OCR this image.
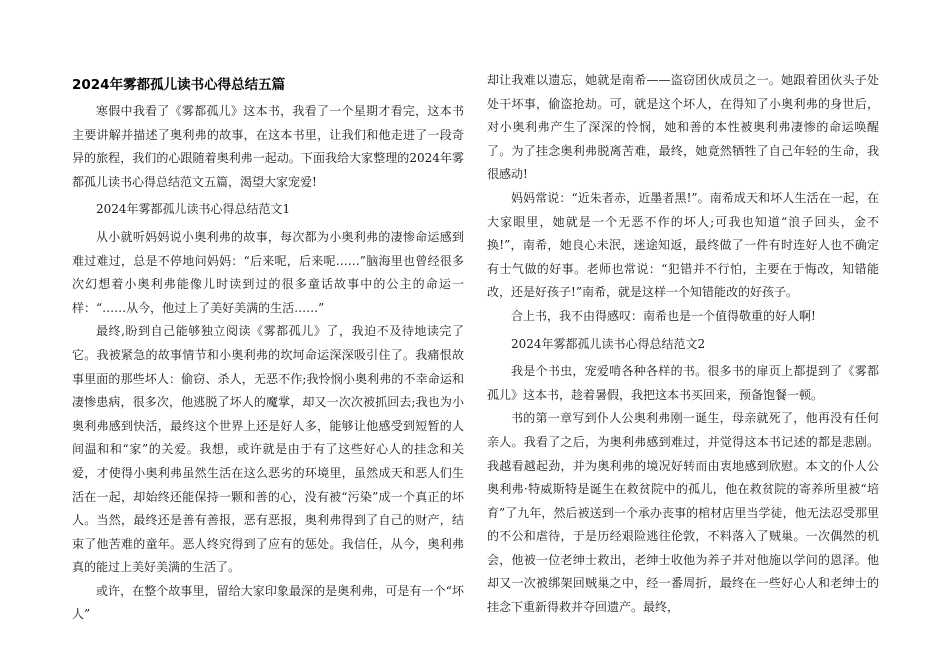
2024年雾都孤儿读书心得总结五篇

寒假中我看了《雾都孤儿》这本书，我看了一个星期才看完，这本书主要讲解并描述了奥利弗的故事，在这本书里，让我们和他走进了一段奇异的旅程，我们的心跟随着奥利弗一起动。下面我给大家整理的2024年雾都孤儿读书心得总结范文五篇，渴望大家宠爱!

2024年雾都孤儿读书心得总结范文1

从小就听妈妈说小奥利弗的故事，每次都为小奥利弗的凄惨命运感到难过难过，总是不停地问妈妈：“后来呢，后来呢……”脑海里也曾经很多次幻想着小奥利弗能像儿时读到过的很多童话故事中的公主的命运一样：“……从今，他过上了美好美满的生活……”

最终,盼到自己能够独立阅读《雾都孤儿》了，我迫不及待地读完了它。我被紧急的故事情节和小奥利弗的坎坷命运深深吸引住了。我痛恨故事里面的那些坏人：偷窃、杀人，无恶不作;我怜悯小奥利弗的不幸命运和凄惨患病，很多次，他逃脱了坏人的魔掌，却又一次次被抓回去;我也为小奥利弗感到快活，最终这个世界上还是好人多，能够让他感受到短暂的人间温和和“家”的关爱。我想，或许就是由于有了这些好心人的挂念和关爱，才使得小奥利弗虽然生活在这么恶劣的环境里，虽然成天和恶人们生活在一起，却始终还能保持一颗和善的心，没有被“污染”成一个真正的坏人。当然，最终还是善有善报，恶有恶报，奥利弗得到了自己的财产，结束了他苦难的童年。恶人终究得到了应有的惩处。我信任，从今，奥利弗真的能过上美好美满的生活了。

或许，在整个故事里，留给大家印象最深的是奥利弗，可是有一个“坏人”

却让我难以遗忘，她就是南希——盗窃团伙成员之一。她跟着团伙头子处处干坏事，偷盗抢劫。可，就是这个坏人，在得知了小奥利弗的身世后，对小奥利弗产生了深深的怜悯，她和善的本性被奥利弗凄惨的命运唤醒了。为了挂念奥利弗脱离苦难，最终，她竟然牺牲了自己年轻的生命，我很感动!

妈妈常说：“近朱者赤，近墨者黑!”。南希成天和坏人生活在一起，在大家眼里，她就是一个无恶不作的坏人;可我也知道“浪子回头，金不换!”，南希，她良心未泯，迷途知返，最终做了一件有时连好人也不确定有士气做的好事。老师也常说：“犯错并不行怕，主要在于悔改，知错能改，还是好孩子!”南希，就是这样一个知错能改的好孩子。

合上书，我不由得感叹：南希也是一个值得敬重的好人啊!

2024年雾都孤儿读书心得总结范文2

我是个书虫，宠爱啃各种各样的书。很多书的扉页上都提到了《雾都孤儿》这本书，趁着暑假，我把这本书买回来，预备饱餐一顿。

书的第一章写到仆人公奥利弗刚一诞生，母亲就死了，他再没有任何亲人。我看了之后，为奥利弗感到难过，并觉得这本书记述的都是悲剧。我越看越起劲，并为奥利弗的境况好转而由衷地感到欣慰。本文的仆人公奥利弗·特威斯特是诞生在救贫院中的孤儿，他在救贫院的寄养所里被“培育”了九年，然后被送到一个承办丧事的棺材店里当学徒，他无法忍受那里的不公和虐待，于是历经艰险逃往伦敦，不料落入了贼巢。一次偶然的机会，他被一位老绅士救出，老绅士收他为养子并对他施以学问的恩泽。他却又一次被绑架回贼巢之中，经一番周折，最终在一些好心人和老绅士的挂念下重新得救并夺回遗产。最终，
